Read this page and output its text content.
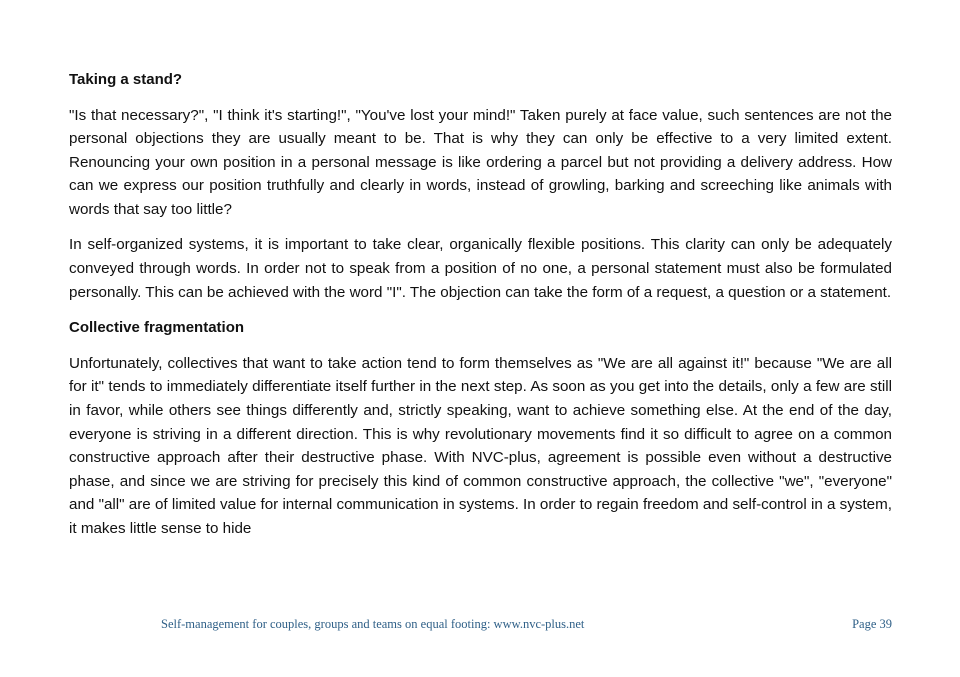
Taking a stand?

"Is that necessary?", "I think it's starting!", "You've lost your mind!" Taken purely at face value, such sentences are not the personal objections they are usually meant to be. That is why they can only be effective to a very limited extent. Renouncing your own position in a personal message is like ordering a parcel but not providing a delivery address. How can we express our position truthfully and clearly in words, instead of growling, barking and screeching like animals with words that say too little?

In self-organized systems, it is important to take clear, organically flexible positions. This clarity can only be adequately conveyed through words. In order not to speak from a position of no one, a personal statement must also be formulated personally. This can be achieved with the word "I". The objection can take the form of a request, a question or a statement.

Collective fragmentation

Unfortunately, collectives that want to take action tend to form themselves as "We are all against it!" because "We are all for it" tends to immediately differentiate itself further in the next step. As soon as you get into the details, only a few are still in favor, while others see things differently and, strictly speaking, want to achieve something else. At the end of the day, everyone is striving in a different direction. This is why revolutionary movements find it so difficult to agree on a common constructive approach after their destructive phase. With NVC-plus, agreement is possible even without a destructive phase, and since we are striving for precisely this kind of common constructive approach, the collective "we", "everyone" and "all" are of limited value for internal communication in systems. In order to regain freedom and self-control in a system, it makes little sense to hide

Self-management for couples, groups and teams on equal footing: www.nvc-plus.net	Page 39
